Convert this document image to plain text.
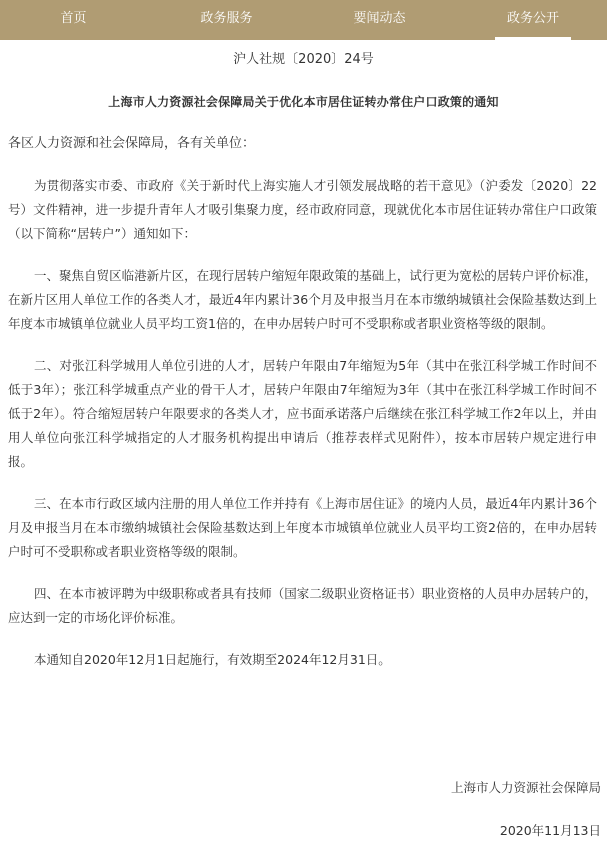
首页	政务服务	要闻动态	政务公开

沪人社规〔2020〕24号

上海市人力资源社会保障局关于优化本市居住证转办常住户口政策的通知

各区人力资源和社会保障局，各有关单位：

为贯彻落实市委、市政府《关于新时代上海实施人才引领发展战略的若干意见》（沪委发〔2020〕22号）文件精神，进一步提升青年人才吸引集聚力度，经市政府同意，现就优化本市居住证转办常住户口政策（以下简称“居转户”）通知如下：

一、聚焦自贸区临港新片区，在现行居转户缩短年限政策的基础上，试行更为宽松的居转户评价标准，在新片区用人单位工作的各类人才，最近4年内累计36个月及申报当月在本市缴纳城镇社会保险基数达到上年度本市城镇单位就业人员平均工资1倍的，在申办居转户时可不受职称或者职业资格等级的限制。

二、对张江科学城用人单位引进的人才，居转户年限由7年缩短为5年（其中在张江科学城工作时间不低于3年）；张江科学城重点产业的骨干人才，居转户年限由7年缩短为3年（其中在张江科学城工作时间不低于2年）。符合缩短居转户年限要求的各类人才，应书面承诺落户后继续在张江科学城工作2年以上，并由用人单位向张江科学城指定的人才服务机构提出申请后（推荐表样式见附件），按本市居转户规定进行申报。

三、在本市行政区域内注册的用人单位工作并持有《上海市居住证》的境内人员，最近4年内累计36个月及申报当月在本市缴纳城镇社会保险基数达到上年度本市城镇单位就业人员平均工资2倍的，在申办居转户时可不受职称或者职业资格等级的限制。

四、在本市被评聘为中级职称或者具有技师（国家二级职业资格证书）职业资格的人员申办居转户的，应达到一定的市场化评价标准。

本通知自2020年12月1日起施行，有效期至2024年12月31日。

上海市人力资源社会保障局
2020年11月13日
